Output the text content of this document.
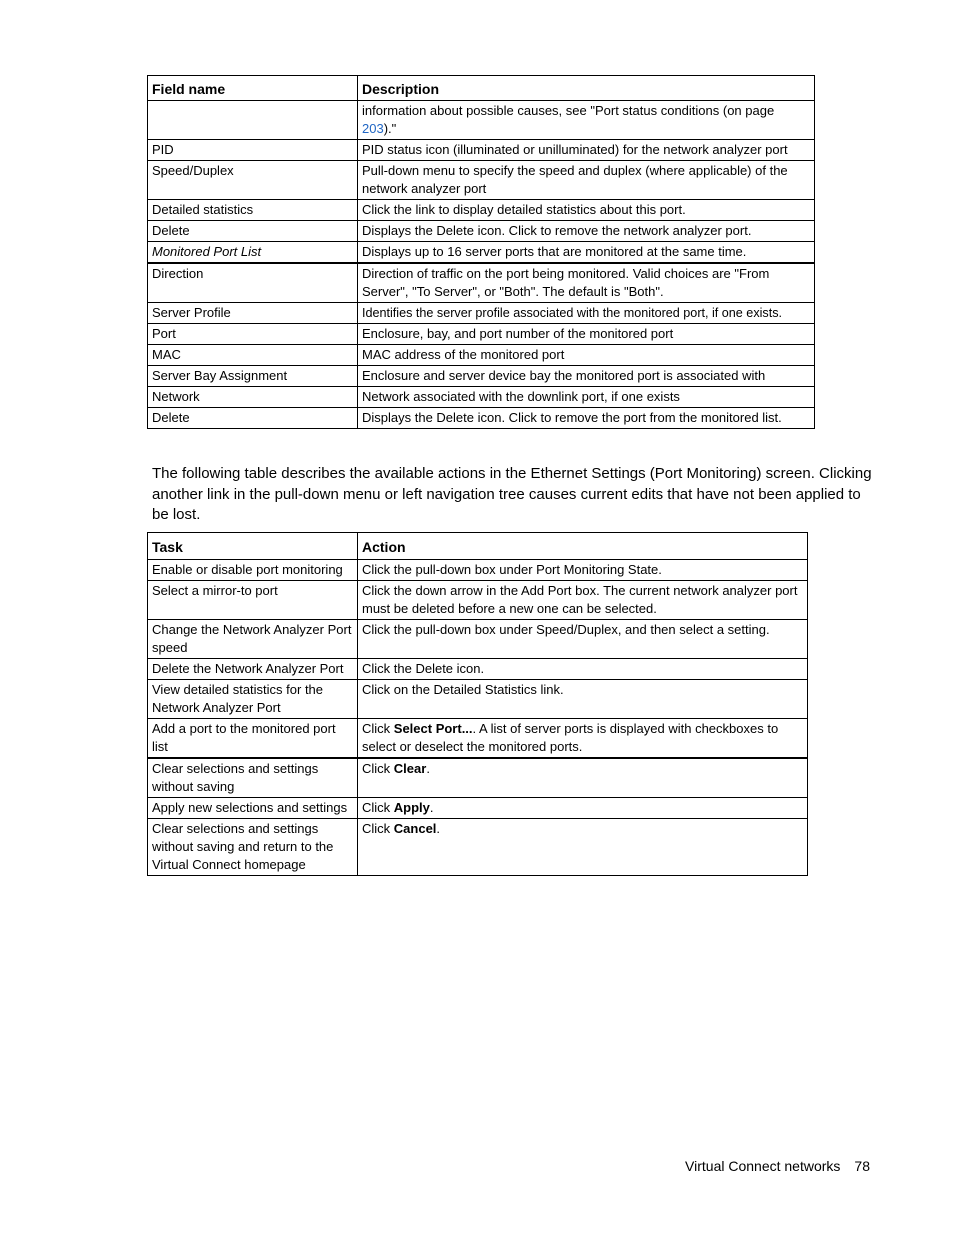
Field name	Description
	information about possible causes, see "Port status conditions (on page 203)."
PID	PID status icon (illuminated or unilluminated) for the network analyzer port
Speed/Duplex	Pull-down menu to specify the speed and duplex (where applicable) of the network analyzer port
Detailed statistics	Click the link to display detailed statistics about this port.
Delete	Displays the Delete icon. Click to remove the network analyzer port.
Monitored Port List	Displays up to 16 server ports that are monitored at the same time.
Direction	Direction of traffic on the port being monitored. Valid choices are "From Server", "To Server", or "Both". The default is "Both".
Server Profile	Identifies the server profile associated with the monitored port, if one exists.
Port	Enclosure, bay, and port number of the monitored port
MAC	MAC address of the monitored port
Server Bay Assignment	Enclosure and server device bay the monitored port is associated with
Network	Network associated with the downlink port, if one exists
Delete	Displays the Delete icon. Click to remove the port from the monitored list.

The following table describes the available actions in the Ethernet Settings (Port Monitoring) screen. Clicking another link in the pull-down menu or left navigation tree causes current edits that have not been applied to be lost.

Task	Action
Enable or disable port monitoring	Click the pull-down box under Port Monitoring State.
Select a mirror-to port	Click the down arrow in the Add Port box. The current network analyzer port must be deleted before a new one can be selected.
Change the Network Analyzer Port speed	Click the pull-down box under Speed/Duplex, and then select a setting.
Delete the Network Analyzer Port	Click the Delete icon.
View detailed statistics for the Network Analyzer Port	Click on the Detailed Statistics link.
Add a port to the monitored port list	Click Select Port.... A list of server ports is displayed with checkboxes to select or deselect the monitored ports.
Clear selections and settings without saving	Click Clear.
Apply new selections and settings	Click Apply.
Clear selections and settings without saving and return to the Virtual Connect homepage	Click Cancel.
Virtual Connect networks 78
